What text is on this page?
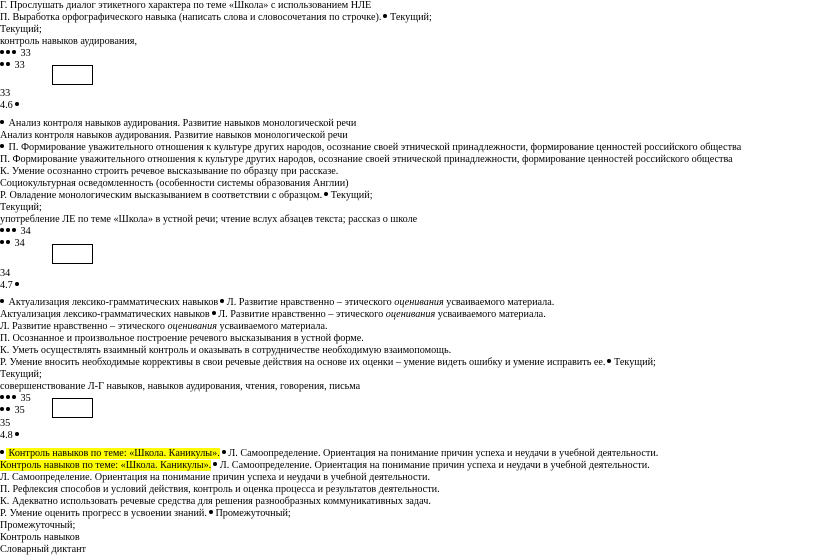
Г. Прослушать диалог этикетного характера по теме «Школа» с использованием НЛЕ
П. Выработка орфографического навыка (написать слова и словосочетания по строчке). Текущий;
Текущий;
контроль навыков аудирования,
33
33
33
4.6
Анализ контроля навыков аудирования. Развитие навыков монологической речи
Анализ контроля навыков аудирования. Развитие навыков монологической речи
П. Формирование уважительного отношения к культуре других народов, осознание своей этнической принадлежности, формирование ценностей российского общества
П. Формирование уважительного отношения к культуре других народов, осознание своей этнической принадлежности, формирование ценностей российского общества
К. Умение осознанно строить речевое высказывание по образцу при рассказе.
Социокультурная осведомленность (особенности системы образования Англии)
Р. Овладение монологическим высказыванием в соответствии с образцом. Текущий;
Текущий;
употребление ЛЕ по теме «Школа» в устной речи; чтение вслух абзацев текста; рассказ о школе
34
34
34
4.7
Актуализация лексико-грамматических навыков Л. Развитие нравственно – этического оценивания усваиваемого материала.
Актуализация лексико-грамматических навыков Л. Развитие нравственно – этического оценивания усваиваемого материала.
Л. Развитие нравственно – этического оценивания усваиваемого материала.
П. Осознанное и произвольное построение речевого высказывания в устной форме.
К. Уметь осуществлять взаимный контроль и оказывать в сотрудничестве необходимую взаимопомощь.
Р. Умение вносить необходимые коррективы в свои речевые действия на основе их оценки – умение видеть ошибку и умение исправить ее. Текущий;
Текущий;
совершенствование Л-Г навыков, навыков аудирования, чтения, говорения, письма
35
35
35
4.8
Контроль навыков по теме: «Школа. Каникулы». Л. Самоопределение. Ориентация на понимание причин успеха и неудачи в учебной деятельности.
Контроль навыков по теме: «Школа. Каникулы». Л. Самоопределение. Ориентация на понимание причин успеха и неудачи в учебной деятельности.
Л. Самоопределение. Ориентация на понимание причин успеха и неудачи в учебной деятельности.
П. Рефлексия способов и условий действия, контроль и оценка процесса и результатов деятельности.
К. Адекватно использовать речевые средства для решения разнообразных коммуникативных задач.
Р. Умение оценить прогресс в усвоении знаний. Промежуточный;
Промежуточный;
Контроль навыков
Словарный диктант
